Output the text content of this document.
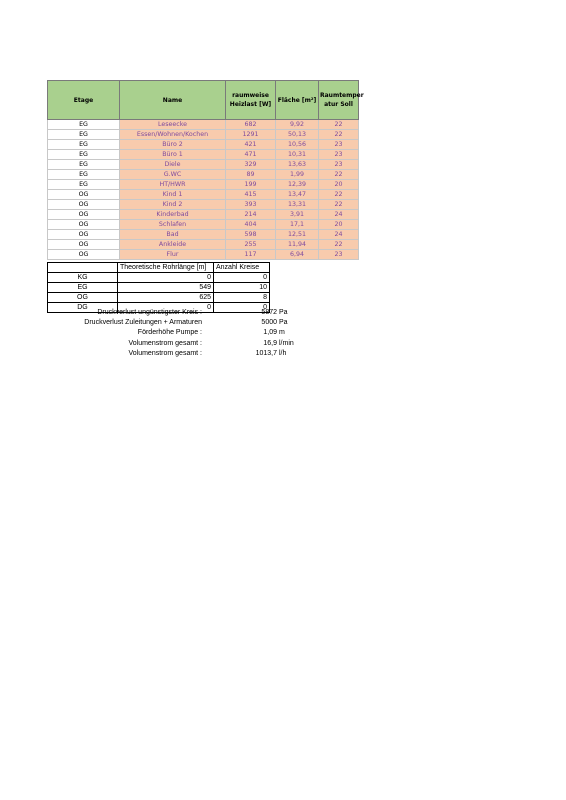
Etage	Name	raumweise Heizlast [W]	Fläche [m²]	Raumtemper atur Soll
EG	Leseecke	682	9,92	22
EG	Essen/Wohnen/Kochen	1291	50,13	22
EG	Büro 2	421	10,56	23
EG	Büro 1	471	10,31	23
EG	Diele	329	13,63	23
EG	G.WC	89	1,99	22
EG	HT/HWR	199	12,39	20
OG	Kind 1	415	13,47	22
OG	Kind 2	393	13,31	22
OG	Kinderbad	214	3,91	24
OG	Schlafen	404	17,1	20
OG	Bad	598	12,51	24
OG	Ankleide	255	11,94	22
OG	Flur	117	6,94	23
	Theoretische Rohrlänge [m]	Anzahl Kreise
KG	0	0
EG	549	10
OG	625	8
DG	0	0
Druckverlust ungünstigster Kreis :	5872 Pa
Druckverlust Zuleitungen + Armaturen	5000 Pa
Förderhöhe Pumpe :	1,09 m
Volumenstrom gesamt :	16,9 l/min
Volumenstrom gesamt :	1013,7 l/h
